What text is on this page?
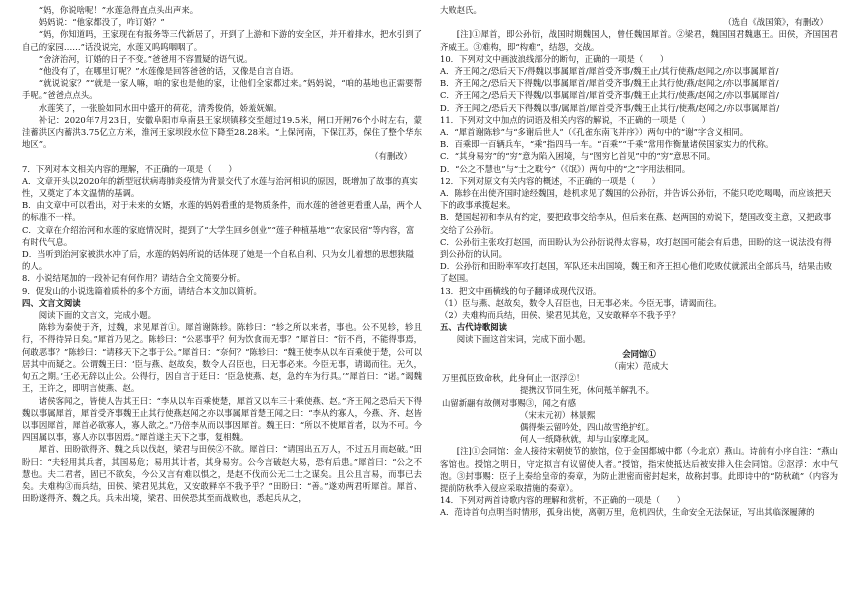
“妈，你说啥呢！”水莲急得直点头出声来。

妈妈说：“他家都没了，咋订婚？”

“妈，你知道吗，王家现在有报务等三代新居了，开到了上游和下游的安全区，并开着排水，把水引到了自己的家园……”话没说完，水莲又呜呜咽咽了。

“舍济治河，订婚的日子不变。”爸爸用不容置疑的语气说。

“他没有了，在哪里订呢？”水莲像是回答爸爸的话，又像是自言自语。

“就说说家？”“就是一家人嘛，咱的家也是他的家，让他们全家都过来。”妈妈说，“咱的基地也正需要帮手呢。”爸爸点点头。

水莲笑了，一张脸如同水田中盛开的荷花，清秀俊俏，娇羞妩媚。

补记：2020年7月23日，安徽阜阳市阜南县王家坝镇移交至超过19.5米，闸口开闸76个小时左右，蒙洼蓄洪区内蓄洪3.75亿立方米，淮河王家坝段水位下降至28.28米。“上保河南，下保江苏，保住了整个华东地区”。

（有删改）

7．下列对本文相关内容的理解，不正确的一项是（　　）

A．文章开头以2020年的新型冠状病毒肺炎疫情为背景交代了水莲与治河相识的原因，既增加了故事的真实性，又奠定了本文温情的基调。

B．由文章中可以看出，对于未来的女婿，水莲的妈妈看重的是物质条件，而水莲的爸爸更看重人品，两个人的标准不一样。

C．文章在介绍治河和水莲的家庭情况时，提到了“大学生回乡创业”“莲子种植基地”“农家民宿”等内容，富有时代气息。

D．当听到治河家被洪水冲了后，水莲的妈妈所说的话体现了她是一个自私自利、只为女儿着想的思想狭隘的人。

8．小说结尾加的一段补记有何作用？请结合全文简要分析。

9．促发山的小说选篇着质朴的多个方面，请结合本文加以简析。

四、文言文阅读

阅读下面的文言文，完成小题。

陈轸为秦使于齐，过魏，求见犀首①。犀首谢陈轸。陈轸曰：“轸之所以来者，事也。公不见轸，轸且行，不得待异日矣。”犀首乃见之。陈轸曰：“公恶事乎？何为饮食而无事？”犀首曰：“衍不肖，不能得事焉，何敢恶事？”陈轸曰：“请移天下之事于公。”犀首曰：“奈何？”陈轸曰：“魏王使李从以车百乘使于楚，公可以居其中而疑之。公谓魏王曰：‘臣与燕、赵故矣，数令人召臣也，曰无事必来。今臣无事，请谒而往。无久，旬五之期。’王必无辞以止公。公得行，因自言于廷曰：‘臣急使燕、赵，急约车为行具。’”犀首曰：“诺。”谒魏王，王许之，即明言使燕、赵。

诸侯客闻之，皆使人告其王曰：“李从以车百乘使楚，犀首又以车三十乘使燕、赵。”齐王闻之恐后天下得魏以事属犀首，犀首受齐事魏王止其行使燕赵闻之亦以事属犀首楚王闻之曰：“李从约寡人，今燕、齐、赵皆以事因犀首，犀首必欲寡人，寡人欲之。”乃倍李从而以事因犀首。魏王曰：“所以不使犀首者，以为不可。今四国属以事，寡人亦以事因焉。”犀首遂主天下之事，复相魏。

犀首、田盼欲得齐、魏之兵以伐赵，梁君与田侯②不欲。犀首曰：“请国出五万人，不过五月而赵破。”田盼曰：“夫轻用其兵者，其国易危；易用其计者，其身易穷。公今言破赵大易，恐有后患。”犀首曰：“公之不慧也。夫二君者，固已不欲矣，今公又言有难以惧之，是赵不伐而公无二士之谋矣。且公且言易，而事已去矣。夫难构③而兵结，田侯、梁君见其危，又安敢释卒不我予乎？”田盼曰：“善。”遂劝两君听犀首。犀首、田盼遂得齐、魏之兵。兵未出境，梁君、田侯恐其至而战败也，悉起兵从之，

大败赵氏。

（选自《战国策》，有删改）

[注]①犀首，即公孙衍，战国时期魏国人，曾任魏国犀首。②梁君，魏国国君魏惠王。田侯，齐国国君齐威王。③难构，即“构难”，结怨，交战。

10．下列对文中画波浪线部分的断句，正确的一项是（　　）

A．齐王闻之/恐后天下/得魏以事属犀首/犀首受齐事/魏王止/其行使燕/赵闻之/亦以事属犀首/

B．齐王闻之/恐后天下得魏/以事属犀首/犀首受齐事/魏王止其行使/燕/赵闻之/亦以事属犀首/

C．齐王闻之/恐后天下得魏/以事属犀首/犀首受齐事/魏王止其行/使燕/赵闻之/亦以事属犀首/

D．齐王闻之/恐后天下得魏以事/属犀首/犀首受齐事/魏王止其行/使燕/赵闻之/亦以事属犀首/

11．下列对文中加点的词语及相关内容的解说，不正确的一项是（　　）

A．“犀首谢陈轸”与“多谢后世人”（《孔雀东南飞并序》）两句中的“谢”字含义相同。

B．百乘即一百辆兵车，“乘”指四马一车。“百乘”“千乘”常用作衡量诸侯国家实力的代称。

C．“其身易穷”的“穷”意为陷入困境，与“图穷匕首见”中的“穷”意思不同。

D．“公之不慧也”与“士之耽兮”（《氓》）两句中的“之”字用法相同。

12．下列对原文有关内容的概述，不正确的一项是（　　）

A．陈轸在出使齐国时途经魏国，趁机求见了魏国的公孙衍，并告诉公孙衍，不能只吃吃喝喝，而应该把天下的政事承揽起来。

B．楚国起初和李从有约定，要把政事交给李从，但后来在燕、赵两国的劝说下，楚国改变主意，又把政事交给了公孙衍。

C．公孙衍主张攻打赵国，而田盼认为公孙衍说得太容易，攻打赵国可能会有后患，田盼的这一说法没有得到公孙衍的认同。

D．公孙衍和田盼率军攻打赵国，军队还未出国境，魏王和齐王担心他们吃败仗就派出全部兵马，结果击败了赵国。

13．把文中画横线的句子翻译成现代汉语。

（1）臣与燕、赵故矣，数令人召臣也，曰无事必来。今臣无事，请谒而往。

（2）夫难构而兵结，田侯、梁君见其危，又安敢释卒不我予乎？

五、古代诗歌阅读

阅读下面这首宋词，完成下面小题。

会同馆①

（南宋）范成大

万里孤臣致命秋，此身何止一沤浮②！

提携汉节同生死，休问羝羊解乳不。

山留新翮有故侧对事赐③，闻之有感

（宋末元初）林景熙

偶得柴云留吟处，四山故雪绝护红。

何人一纸降秋就，却与山家摩北风。

[注]①会同馆：金人接待宋朝使节的旅馆，位于金国都城中都（今北京）燕山。诗前有小序自注：“燕山客馆也。授馆之明日，守定拟言有议留使人者。”授馆，指宋使抵达后被安排入住会同馆。②沤浮：水中气泡。③封事赐：臣子上奏给皇帝的奏章，为防止泄密而密封起来，故称封事。此即诗中的“防秋疏”（内容为提前防秋季入侵应采取措施的奏章）。

14．下列对两首诗歌内容的理解和赏析，不正确的一项是（　　）

A．范诗首句点明当时情形，孤身出使，离朝万里，危机四伏，生命安全无法保证，写出其临深履薄的
